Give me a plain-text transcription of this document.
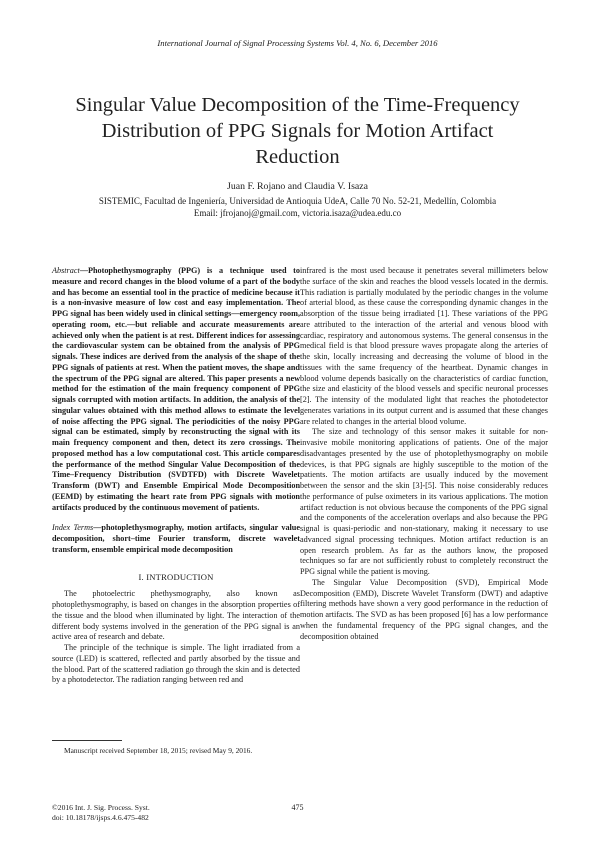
International Journal of Signal Processing Systems Vol. 4, No. 6, December 2016
Singular Value Decomposition of the Time-Frequency Distribution of PPG Signals for Motion Artifact Reduction
Juan F. Rojano and Claudia V. Isaza
SISTEMIC, Facultad de Ingeniería, Universidad de Antioquia UdeA, Calle 70 No. 52-21, Medellín, Colombia
Email: jfrojanoj@gmail.com, victoria.isaza@udea.edu.co

Abstract—Photophethysmography (PPG) is a technique used to measure and record changes in the blood volume of a part of the body and has become an essential tool in the practice of medicine because it is a non-invasive measure of low cost and easy implementation. The PPG signal has been widely used in clinical settings—emergency room, operating room, etc.—but reliable and accurate measurements are achieved only when the patient is at rest. Different indices for assessing the cardiovascular system can be obtained from the analysis of PPG signals. These indices are derived from the analysis of the shape of the PPG signals of patients at rest. When the patient moves, the shape and the spectrum of the PPG signal are altered. This paper presents a new method for the estimation of the main frequency component of PPG signals corrupted with motion artifacts. In addition, the analysis of the singular values obtained with this method allows to estimate the level of noise affecting the PPG signal. The periodicities of the noisy PPG signal can be estimated, simply by reconstructing the signal with its main frequency component and then, detect its zero crossings. The proposed method has a low computational cost. This article compares the performance of the method Singular Value Decomposition of the Time–Frequency Distribution (SVDTFD) with Discrete Wavelet Transform (DWT) and Ensemble Empirical Mode Decomposition (EEMD) by estimating the heart rate from PPG signals with motion artifacts produced by the continuous movement of patients.

Index Terms—photoplethysmography, motion artifacts, singular value decomposition, short–time Fourier transform, discrete wavelet transform, ensemble empirical mode decomposition

I. INTRODUCTION

The photoelectric phethysmography, also known as photoplethysmography, is based on changes in the absorption properties of the tissue and the blood when illuminated by light. The interaction of the different body systems involved in the generation of the PPG signal is an active area of research and debate.

The principle of the technique is simple. The light irradiated from a source (LED) is scattered, reflected and partly absorbed by the tissue and the blood. Part of the scattered radiation go through the skin and is detected by a photodetector. The radiation ranging between red and

infrared is the most used because it penetrates several millimeters below the surface of the skin and reaches the blood vessels located in the dermis. This radiation is partially modulated by the periodic changes in the volume of arterial blood, as these cause the corresponding dynamic changes in the absorption of the tissue being irradiated [1]. These variations of the PPG are attributed to the interaction of the arterial and venous blood with cardiac, respiratory and autonomous systems. The general consensus in the medical field is that blood pressure waves propagate along the arteries of the skin, locally increasing and decreasing the volume of blood in the tissues with the same frequency of the heartbeat. Dynamic changes in blood volume depends basically on the characteristics of cardiac function, the size and elasticity of the blood vessels and specific neuronal processes [2]. The intensity of the modulated light that reaches the photodetector generates variations in its output current and is assumed that these changes are related to changes in the arterial blood volume.

The size and technology of this sensor makes it suitable for non-invasive mobile monitoring applications of patients. One of the major disadvantages presented by the use of photoplethysmography on mobile devices, is that PPG signals are highly susceptible to the motion of the patients. The motion artifacts are usually induced by the movement between the sensor and the skin [3]-[5]. This noise considerably reduces the performance of pulse oximeters in its various applications. The motion artifact reduction is not obvious because the components of the PPG signal and the components of the acceleration overlaps and also because the PPG signal is quasi-periodic and non-stationary, making it necessary to use advanced signal processing techniques. Motion artifact reduction is an open research problem. As far as the authors know, the proposed techniques so far are not sufficiently robust to completely reconstruct the PPG signal while the patient is moving.

The Singular Value Decomposition (SVD), Empirical Mode Decomposition (EMD), Discrete Wavelet Transform (DWT) and adaptive filtering methods have shown a very good performance in the reduction of motion artifacts. The SVD as has been proposed [6] has a low performance when the fundamental frequency of the PPG signal changes, and the decomposition obtained

Manuscript received September 18, 2015; revised May 9, 2016.
©2016 Int. J. Sig. Process. Syst.
doi: 10.18178/ijsps.4.6.475-482
475
